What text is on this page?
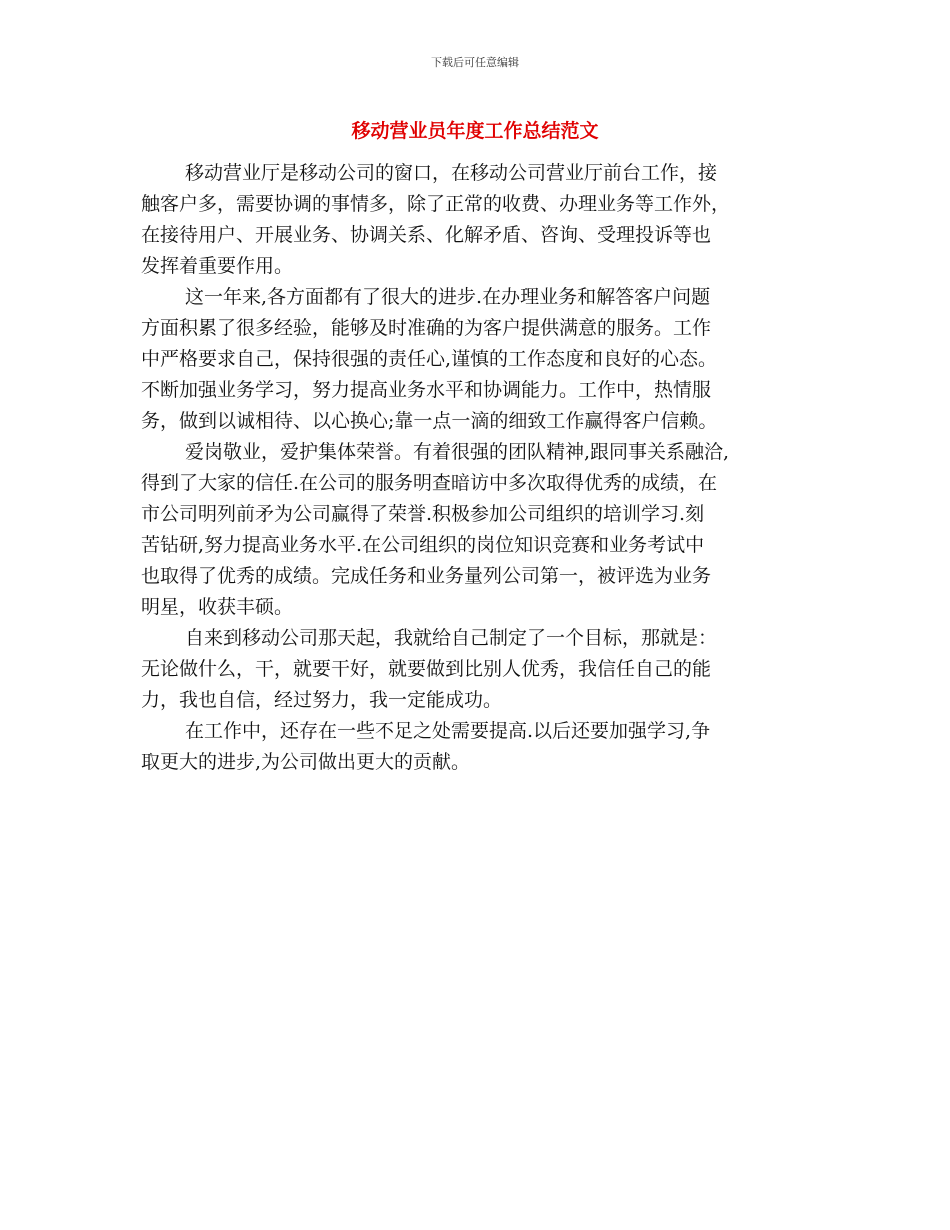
下载后可任意编辑

移动营业员年度工作总结范文
移动营业厅是移动公司的窗口，在移动公司营业厅前台工作，接
触客户多，需要协调的事情多，除了正常的收费、办理业务等工作外，
在接待用户、开展业务、协调关系、化解矛盾、咨询、受理投诉等也
发挥着重要作用。
这一年来,各方面都有了很大的进步.在办理业务和解答客户问题
方面积累了很多经验，能够及时准确的为客户提供满意的服务。工作
中严格要求自己，保持很强的责任心,谨慎的工作态度和良好的心态。
不断加强业务学习，努力提高业务水平和协调能力。工作中，热情服
务，做到以诚相待、以心换心;靠一点一滴的细致工作赢得客户信赖。
爱岗敬业，爱护集体荣誉。有着很强的团队精神,跟同事关系融洽,
得到了大家的信任.在公司的服务明查暗访中多次取得优秀的成绩，在
市公司明列前矛为公司赢得了荣誉.积极参加公司组织的培训学习.刻
苦钻研,努力提高业务水平.在公司组织的岗位知识竞赛和业务考试中
也取得了优秀的成绩。完成任务和业务量列公司第一，被评选为业务
明星，收获丰硕。
自来到移动公司那天起，我就给自己制定了一个目标，那就是：
无论做什么，干，就要干好，就要做到比别人优秀，我信任自己的能
力，我也自信，经过努力，我一定能成功。
在工作中，还存在一些不足之处需要提高.以后还要加强学习,争
取更大的进步,为公司做出更大的贡献。
